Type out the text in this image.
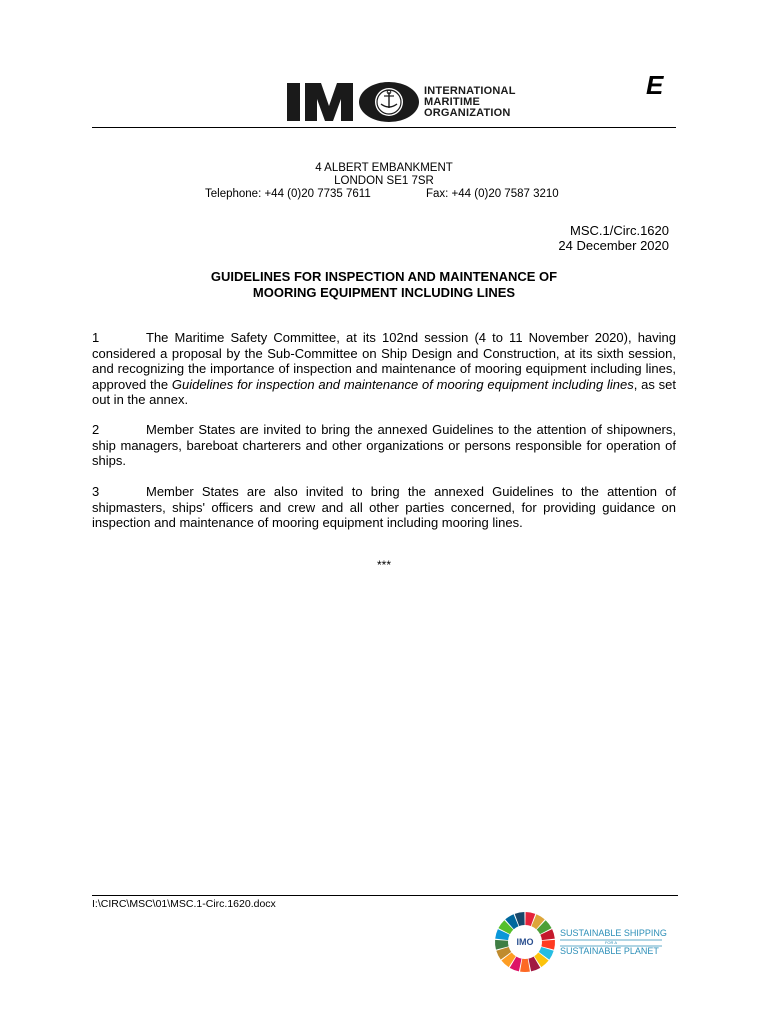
INTERNATIONAL
MARITIME
ORGANIZATION
E
4 ALBERT EMBANKMENT
LONDON SE1 7SR
Telephone: +44 (0)20 7735 7611	Fax: +44 (0)20 7587 3210
MSC.1/Circ.1620
24 December 2020
GUIDELINES FOR INSPECTION AND MAINTENANCE OF
MOORING EQUIPMENT INCLUDING LINES
1	The Maritime Safety Committee, at its 102nd session (4 to 11 November 2020), having considered a proposal by the Sub-Committee on Ship Design and Construction, at its sixth session, and recognizing the importance of inspection and maintenance of mooring equipment including lines, approved the Guidelines for inspection and maintenance of mooring equipment including lines, as set out in the annex.
2	Member States are invited to bring the annexed Guidelines to the attention of shipowners, ship managers, bareboat charterers and other organizations or persons responsible for operation of ships.
3	Member States are also invited to bring the annexed Guidelines to the attention of shipmasters, ships' officers and crew and all other parties concerned, for providing guidance on inspection and maintenance of mooring equipment including mooring lines.
***
I:\CIRC\MSC\01\MSC.1-Circ.1620.docx
IMO
SUSTAINABLE SHIPPING
FOR A
SUSTAINABLE PLANET
